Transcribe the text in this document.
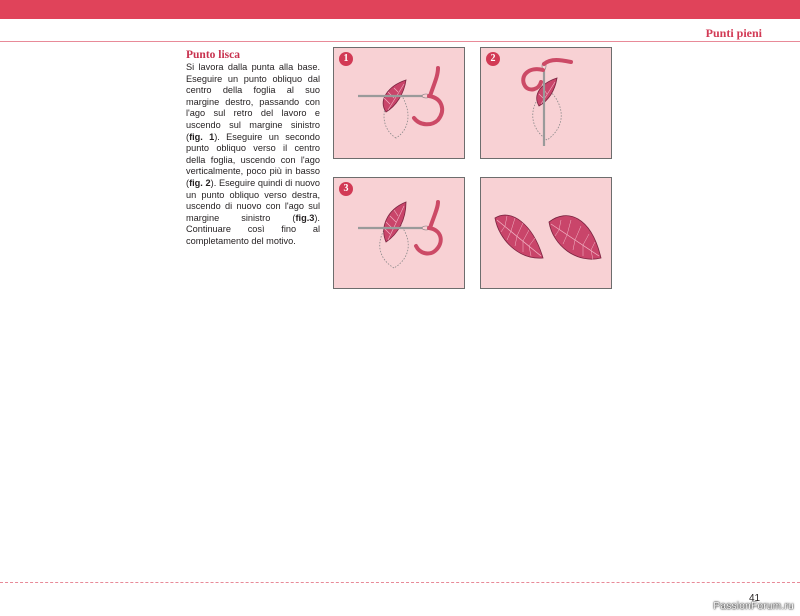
Punti pieni
Punto lisca

Si lavora dalla punta alla base. Eseguire un punto obliquo dal centro della foglia al suo margine destro, passando con l'ago sul retro del lavoro e uscendo sul margine sinistro (fig. 1). Eseguire un secondo punto obliquo verso il centro della foglia, uscendo con l'ago verticalmente, poco più in basso (fig. 2). Eseguire quindi di nuovo un punto obliquo verso destra, uscendo di nuovo con l'ago sul margine sinistro (fig.3). Continuare così fino al completamento del motivo.

1	2
3
41
PassionForum.ru
